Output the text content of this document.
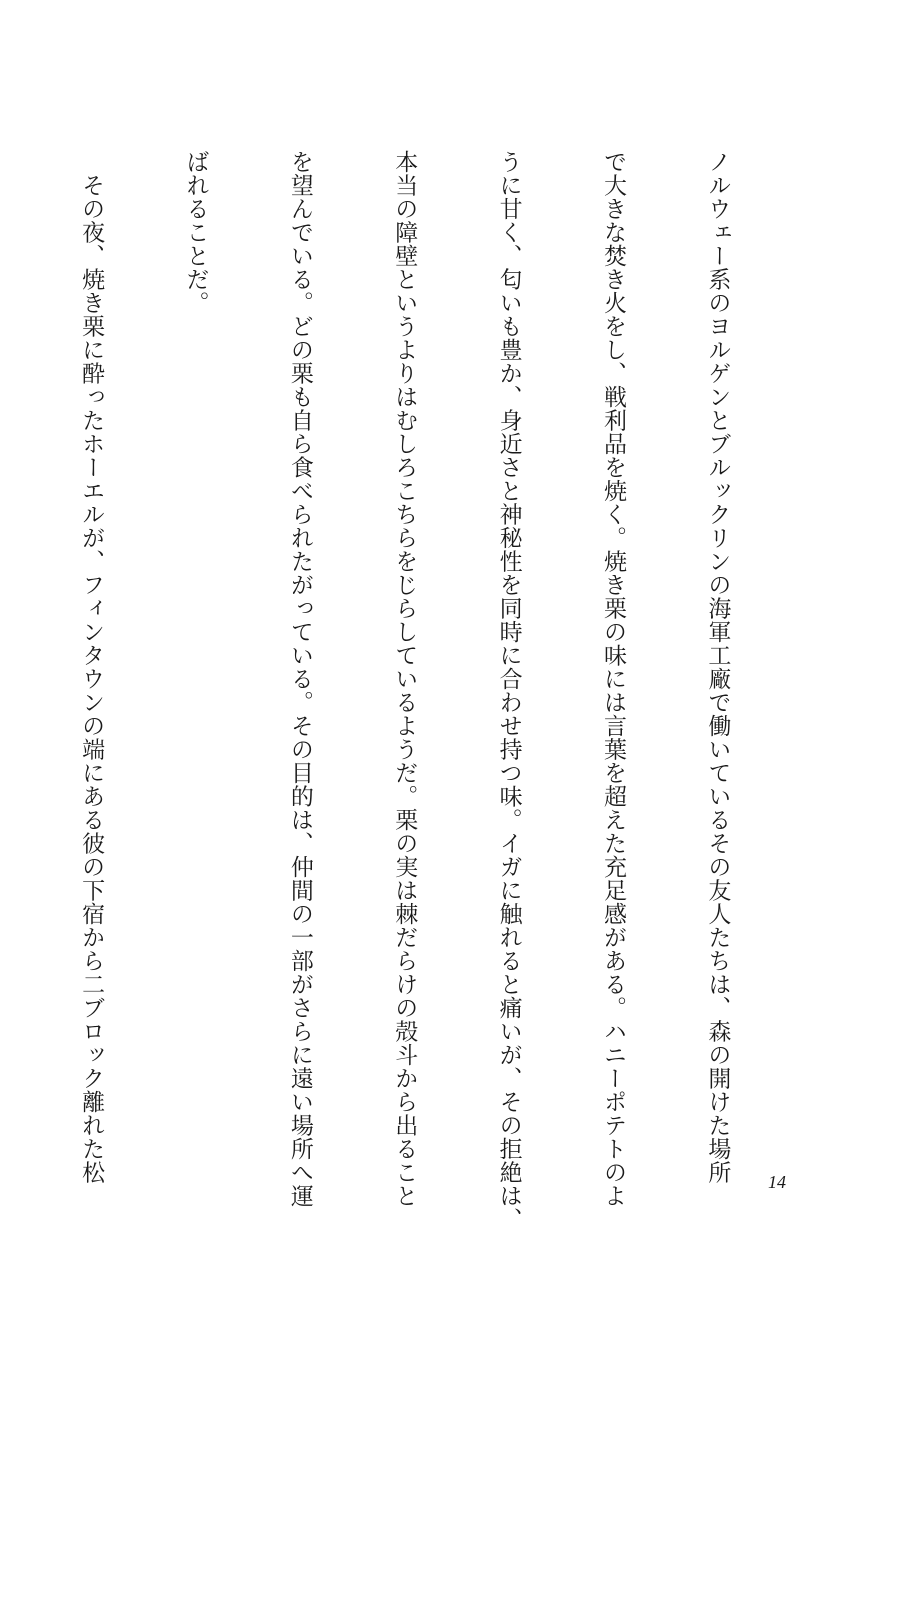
ノルウェー系のヨルゲンとブルックリンの海軍工廠で働いているその友人たちは、森の開けた場所

で大きな焚き火をし、戦利品を焼く。焼き栗の味には言葉を超えた充足感がある。ハニーポテトのよ

うに甘く、匂いも豊か、身近さと神秘性を同時に合わせ持つ味。イガに触れると痛いが、その拒絶は、

本当の障壁というよりはむしろこちらをじらしているようだ。栗の実は棘だらけの殻斗から出ること

を望んでいる。どの栗も自ら食べられたがっている。その目的は、仲間の一部がさらに遠い場所へ運

ばれることだ。

　その夜、焼き栗に酔ったホーエルが、フィンタウンの端にある彼の下宿から二ブロック離れた松

	14
